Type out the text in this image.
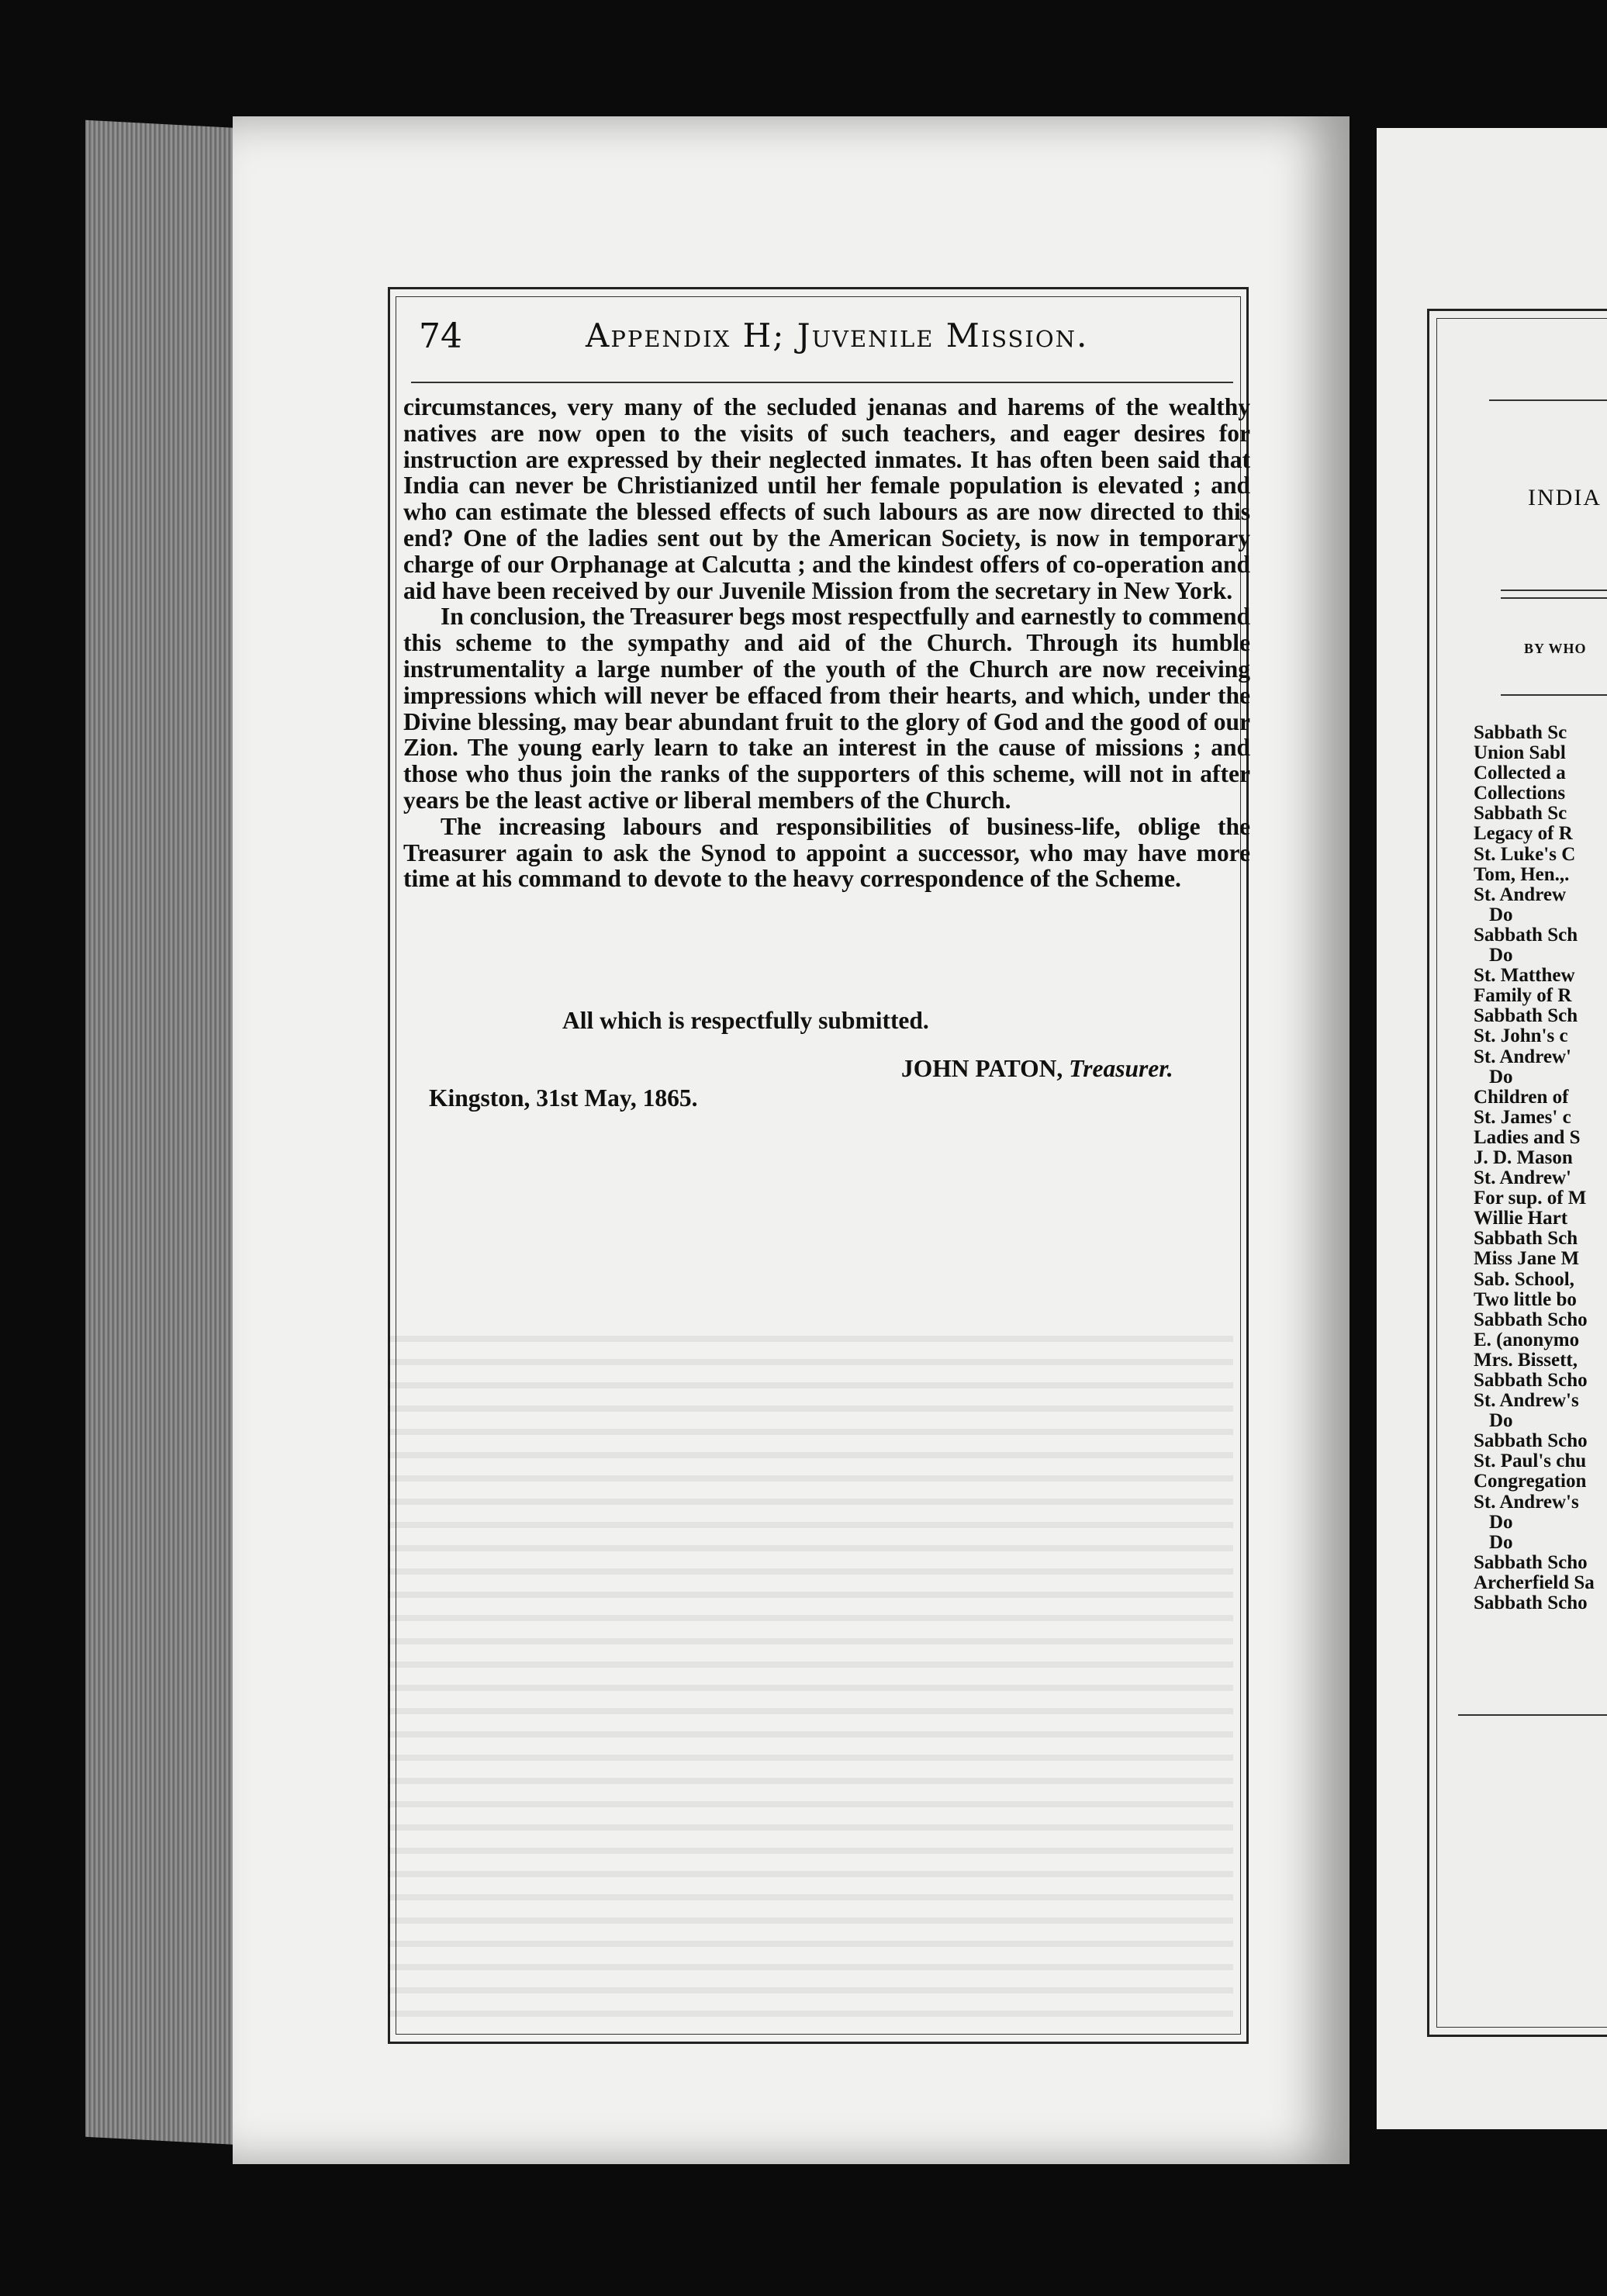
74	Appendix H; Juvenile Mission.

circumstances, very many of the secluded jenanas and harems of the wealthy natives are now open to the visits of such teachers, and eager desires for instruction are expressed by their neglected inmates. It has often been said that India can never be Christianized until her female population is elevated ; and who can estimate the blessed effects of such labours as are now directed to this end? One of the ladies sent out by the American Society, is now in temporary charge of our Orphanage at Calcutta ; and the kindest offers of co-operation and aid have been received by our Juvenile Mission from the secretary in New York.

In conclusion, the Treasurer begs most respectfully and earnestly to commend this scheme to the sympathy and aid of the Church. Through its humble instrumentality a large number of the youth of the Church are now receiving impressions which will never be effaced from their hearts, and which, under the Divine blessing, may bear abundant fruit to the glory of God and the good of our Zion. The young early learn to take an interest in the cause of missions ; and those who thus join the ranks of the supporters of this scheme, will not in after years be the least active or liberal members of the Church.

The increasing labours and responsibilities of business-life, oblige the Treasurer again to ask the Synod to appoint a successor, who may have more time at his command to devote to the heavy correspondence of the Scheme.

All which is respectfully submitted.
JOHN PATON, Treasurer.
Kingston, 31st May, 1865.
INDIA
BY WHO
Sabbath Sc
Union Sabl
Collected a
Collections
Sabbath Sc
Legacy of R
St. Luke's C
Tom, Hen.,.
St. Andrew
Do
Sabbath Sch
Do
St. Matthew
Family of R
Sabbath Sch
St. John's c
St. Andrew'
Do
Children of
St. James' c
Ladies and S
J. D. Mason
St. Andrew'
For sup. of M
Willie Hart
Sabbath Sch
Miss Jane M
Sab. School,
Two little bo
Sabbath Scho
E. (anonymo
Mrs. Bissett,
Sabbath Scho
St. Andrew's
Do
Sabbath Scho
St. Paul's chu
Congregation
St. Andrew's
Do
Do
Sabbath Scho
Archerfield Sa
Sabbath Scho
